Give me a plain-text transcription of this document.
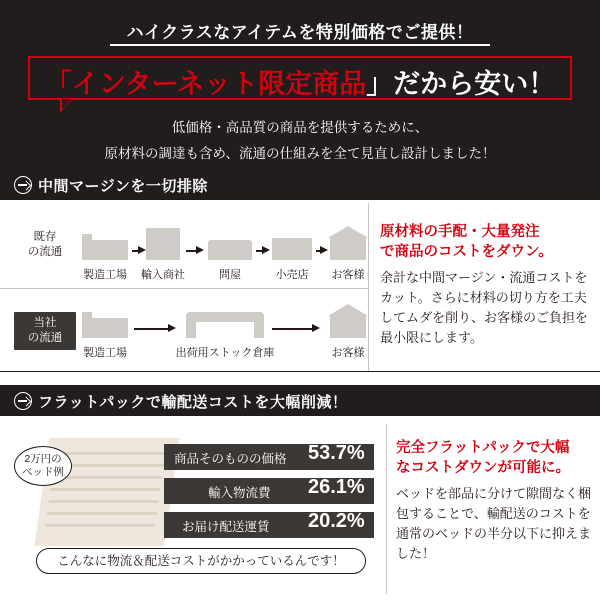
ハイクラスなアイテムを特別価格でご提供！
「インターネット限定商品」だから安い！
低価格・高品質の商品を提供するために、
原材料の調達も含め、流通の仕組みを全て見直し設計しました！
中間マージンを一切排除
既存
の流通
製造工場	輸入商社	問屋	小売店	お客様
当社
の流通
製造工場	出荷用ストック倉庫	お客様
原材料の手配・大量発注
で商品のコストをダウン。
余計な中間マージン・流通コストをカット。さらに材料の切り方を工夫してムダを削り、お客様のご負担を最小限にします。
フラットパックで輸配送コストを大幅削減！
2万円の
ベッド例
商品そのものの価格 53.7%
輸入物流費 26.1%
お届け配送運賃 20.2%
完全フラットパックで大幅
なコストダウンが可能に。
ベッドを部品に分けて隙間なく梱包することで、輸配送のコストを通常のベッドの半分以下に抑えました！
こんなに物流＆配送コストがかかっているんです！
